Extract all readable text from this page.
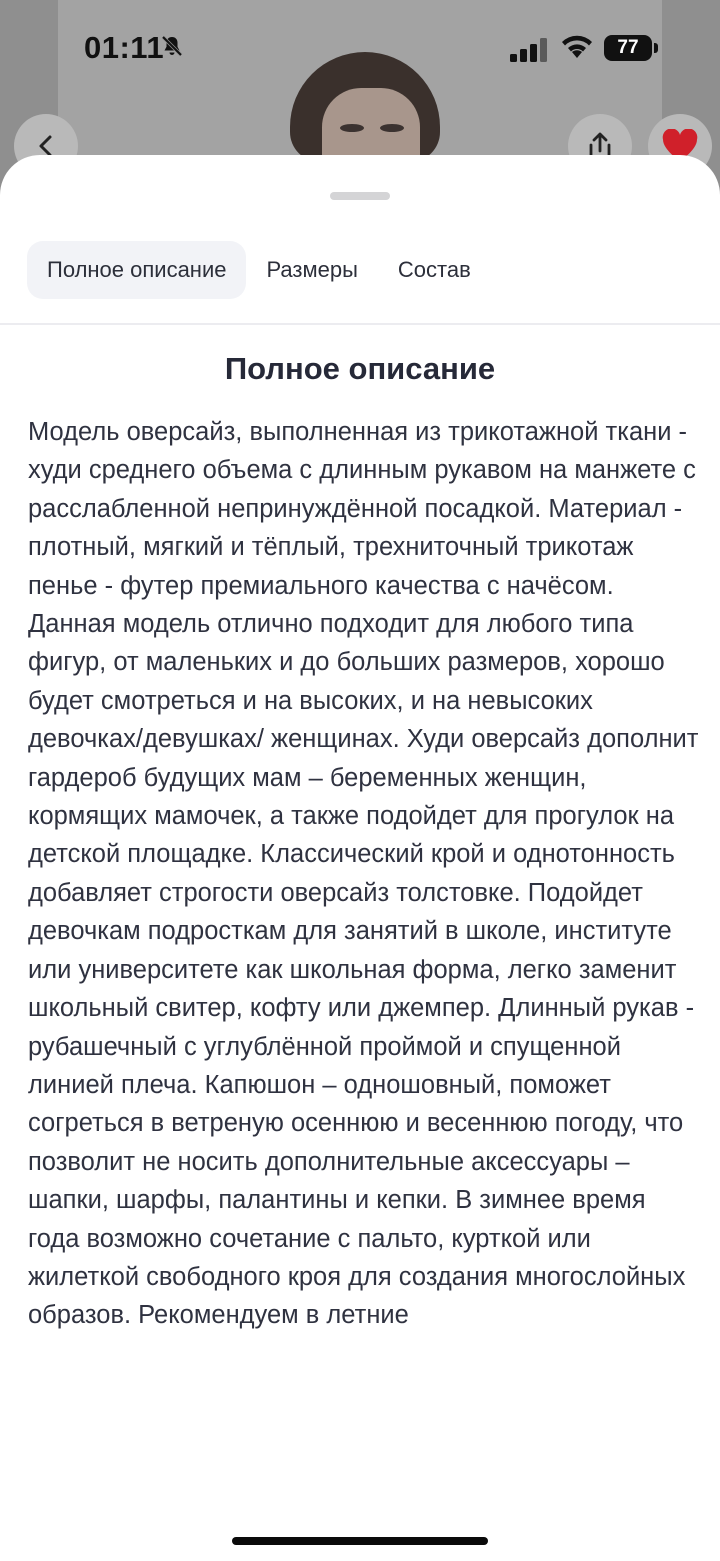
01:11	77
Полное описание	Размеры	Состав
Полное описание
Модель оверсайз, выполненная из трикотажной ткани - худи среднего объема с длинным рукавом на манжете с расслабленной непринуждённой посадкой. Материал - плотный, мягкий и тёплый, трехниточный трикотаж пенье - футер премиального качества с начёсом. Данная модель отлично подходит для любого типа фигур, от маленьких и до больших размеров, хорошо будет смотреться и на высоких, и на невысоких девочках/девушках/ женщинах. Худи оверсайз дополнит гардероб будущих мам – беременных женщин, кормящих мамочек, а также подойдет для прогулок на детской площадке. Классический крой и однотонность добавляет строгости оверсайз толстовке. Подойдет девочкам подросткам для занятий в школе, институте или университете как школьная форма, легко заменит школьный свитер, кофту или джемпер. Длинный рукав - рубашечный с углублённой проймой и спущенной линией плеча. Капюшон – одношовный, поможет согреться в ветреную осеннюю и весеннюю погоду, что позволит не носить дополнительные аксессуары – шапки, шарфы, палантины и кепки. В зимнее время года возможно сочетание с пальто, курткой или жилеткой свободного кроя для создания многослойных образов. Рекомендуем в летние
